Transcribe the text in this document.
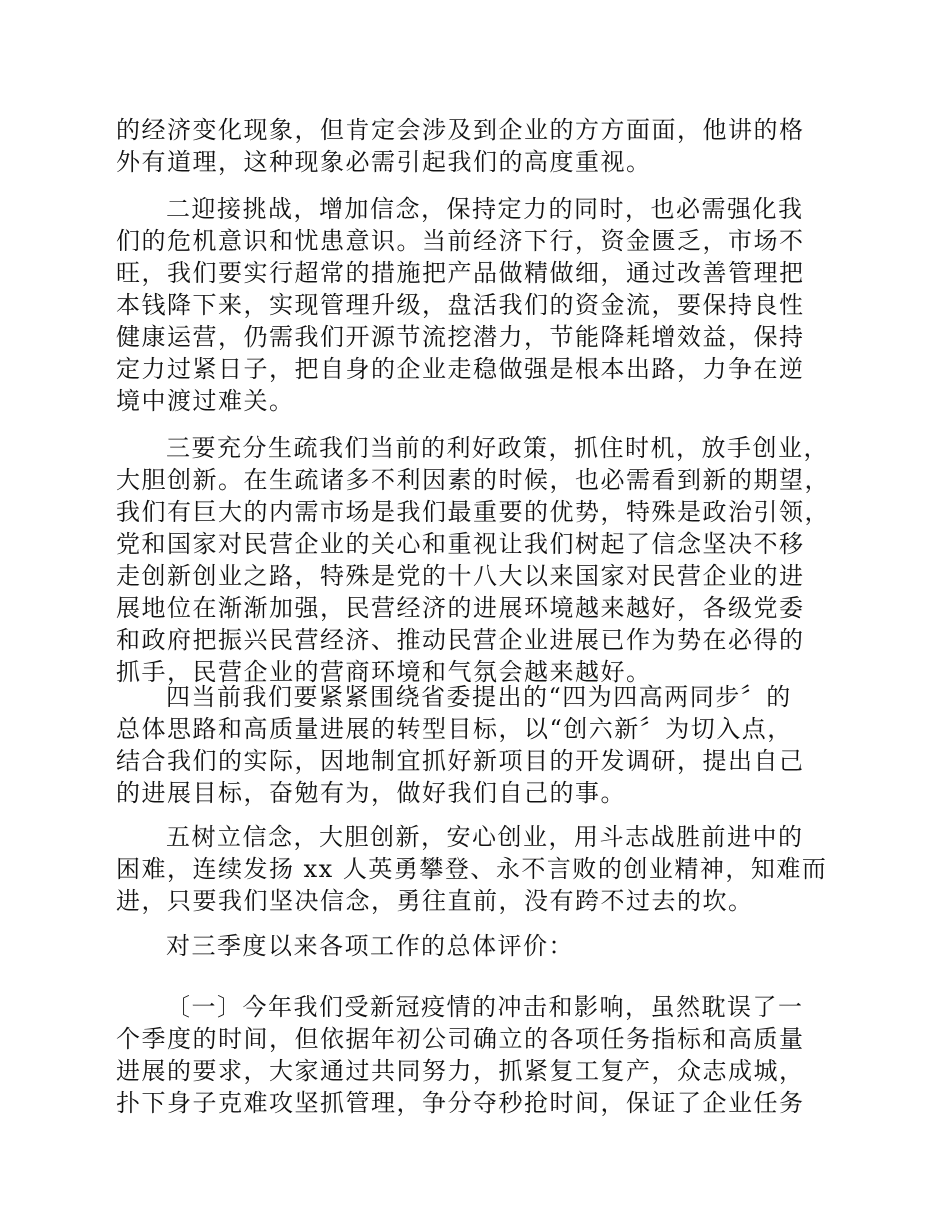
的经济变化现象，但肯定会涉及到企业的方方面面，他讲的格
外有道理，这种现象必需引起我们的高度重视。
二迎接挑战，增加信念，保持定力的同时，也必需强化我
们的危机意识和忧患意识。当前经济下行，资金匮乏，市场不
旺，我们要实行超常的措施把产品做精做细，通过改善管理把
本钱降下来，实现管理升级，盘活我们的资金流，要保持良性
健康运营，仍需我们开源节流挖潜力，节能降耗增效益，保持
定力过紧日子，把自身的企业走稳做强是根本出路，力争在逆
境中渡过难关。
三要充分生疏我们当前的利好政策，抓住时机，放手创业，
大胆创新。在生疏诸多不利因素的时候，也必需看到新的期望，
我们有巨大的内需市场是我们最重要的优势，特殊是政治引领，
党和国家对民营企业的关心和重视让我们树起了信念坚决不移
走创新创业之路，特殊是党的十八大以来国家对民营企业的进
展地位在渐渐加强，民营经济的进展环境越来越好，各级党委
和政府把振兴民营经济、推动民营企业进展已作为势在必得的
抓手，民营企业的营商环境和气氛会越来越好。
四当前我们要紧紧围绕省委提出的“四为四高两同步〞的
总体思路和高质量进展的转型目标，以“创六新〞为切入点，
结合我们的实际，因地制宜抓好新项目的开发调研，提出自己
的进展目标，奋勉有为，做好我们自己的事。
五树立信念，大胆创新，安心创业，用斗志战胜前进中的
困难，连续发扬 xx 人英勇攀登、永不言败的创业精神，知难而
进，只要我们坚决信念，勇往直前，没有跨不过去的坎。
对三季度以来各项工作的总体评价：
〔一〕今年我们受新冠疫情的冲击和影响，虽然耽误了一
个季度的时间，但依据年初公司确立的各项任务指标和高质量
进展的要求，大家通过共同努力，抓紧复工复产，众志成城，
扑下身子克难攻坚抓管理，争分夺秒抢时间，保证了企业任务
